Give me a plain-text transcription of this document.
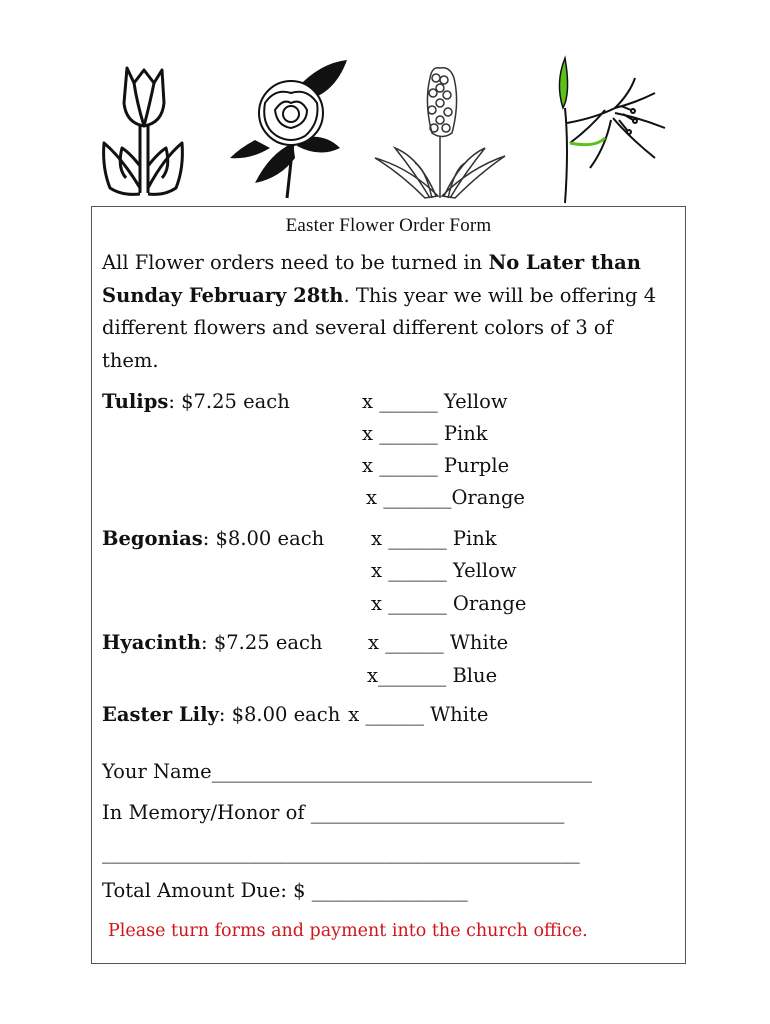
Easter Flower Order Form
All Flower orders need to be turned in No Later than Sunday February 28th. This year we will be offering 4 different flowers and several different colors of 3 of them.
Tulips: $7.25 each	x ______ Yellow
x ______ Pink
x ______ Purple
x _______Orange
Begonias: $8.00 each x ______ Pink
x ______ Yellow
x ______ Orange
Hyacinth: $7.25 each x ______ White
x_______ Blue
Easter Lily: $8.00 each x ______ White
Your Name_______________________________________
In Memory/Honor of __________________________
_________________________________________________
Total Amount Due: $ ________________
Please turn forms and payment into the church office.
